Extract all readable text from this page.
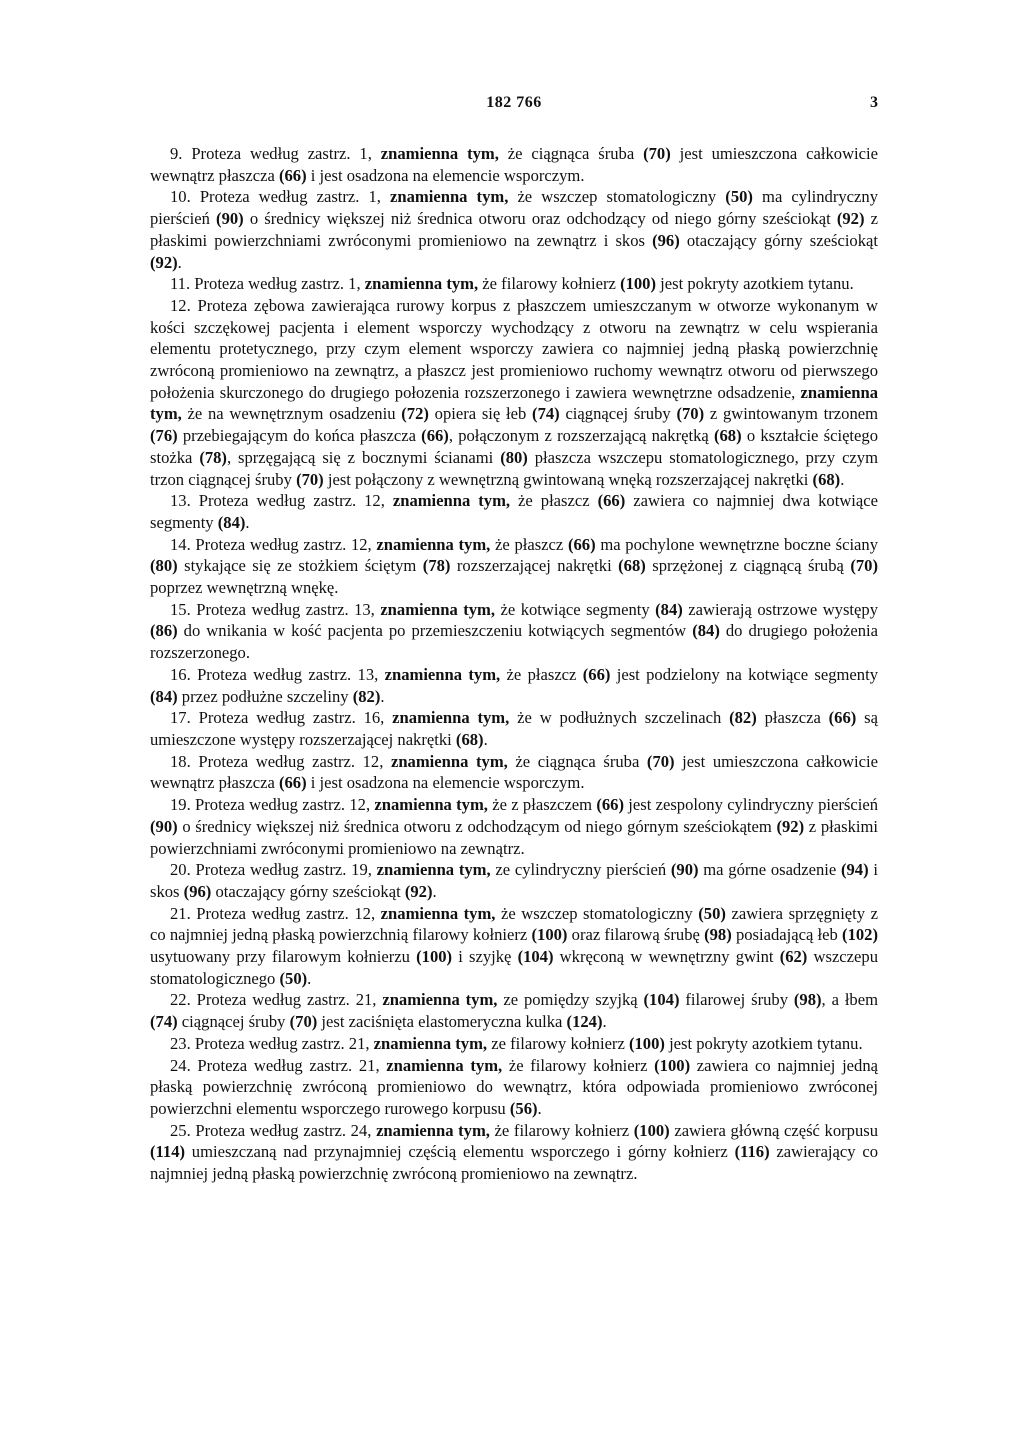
182 766	3

9. Proteza według zastrz. 1, znamienna tym, że ciągnąca śruba (70) jest umieszczona całkowicie wewnątrz płaszcza (66) i jest osadzona na elemencie wsporczym.

10. Proteza według zastrz. 1, znamienna tym, że wszczep stomatologiczny (50) ma cylindryczny pierścień (90) o średnicy większej niż średnica otworu oraz odchodzący od niego górny sześciokąt (92) z płaskimi powierzchniami zwróconymi promieniowo na zewnątrz i skos (96) otaczający górny sześciokąt (92).

11. Proteza według zastrz. 1, znamienna tym, że filarowy kołnierz (100) jest pokryty azotkiem tytanu.

12. Proteza zębowa zawierająca rurowy korpus z płaszczem umieszczanym w otworze wykonanym w kości szczękowej pacjenta i element wsporczy wychodzący z otworu na zewnątrz w celu wspierania elementu protetycznego, przy czym element wsporczy zawiera co najmniej jedną płaską powierzchnię zwróconą promieniowo na zewnątrz, a płaszcz jest promieniowo ruchomy wewnątrz otworu od pierwszego położenia skurczonego do drugiego połozenia rozszerzonego i zawiera wewnętrzne odsadzenie, znamienna tym, że na wewnętrznym osadzeniu (72) opiera się łeb (74) ciągnącej śruby (70) z gwintowanym trzonem (76) przebiegającym do końca płaszcza (66), połączonym z rozszerzającą nakrętką (68) o kształcie ściętego stożka (78), sprzęgającą się z bocznymi ścianami (80) płaszcza wszczepu stomatologicznego, przy czym trzon ciągnącej śruby (70) jest połączony z wewnętrzną gwintowaną wnęką rozszerzającej nakrętki (68).

13. Proteza według zastrz. 12, znamienna tym, że płaszcz (66) zawiera co najmniej dwa kotwiące segmenty (84).

14. Proteza według zastrz. 12, znamienna tym, że płaszcz (66) ma pochylone wewnętrzne boczne ściany (80) stykające się ze stożkiem ściętym (78) rozszerzającej nakrętki (68) sprzężonej z ciągnącą śrubą (70) poprzez wewnętrzną wnękę.

15. Proteza według zastrz. 13, znamienna tym, że kotwiące segmenty (84) zawierają ostrzowe występy (86) do wnikania w kość pacjenta po przemieszczeniu kotwiących segmentów (84) do drugiego położenia rozszerzonego.

16. Proteza według zastrz. 13, znamienna tym, że płaszcz (66) jest podzielony na kotwiące segmenty (84) przez podłużne szczeliny (82).

17. Proteza według zastrz. 16, znamienna tym, że w podłużnych szczelinach (82) płaszcza (66) są umieszczone występy rozszerzającej nakrętki (68).

18. Proteza według zastrz. 12, znamienna tym, że ciągnąca śruba (70) jest umieszczona całkowicie wewnątrz płaszcza (66) i jest osadzona na elemencie wsporczym.

19. Proteza według zastrz. 12, znamienna tym, że z płaszczem (66) jest zespolony cylindryczny pierścień (90) o średnicy większej niż średnica otworu z odchodzącym od niego górnym sześciokątem (92) z płaskimi powierzchniami zwróconymi promieniowo na zewnątrz.

20. Proteza według zastrz. 19, znamienna tym, ze cylindryczny pierścień (90) ma górne osadzenie (94) i skos (96) otaczający górny sześciokąt (92).

21. Proteza według zastrz. 12, znamienna tym, że wszczep stomatologiczny (50) zawiera sprzęgnięty z co najmniej jedną płaską powierzchnią filarowy kołnierz (100) oraz filarową śrubę (98) posiadającą łeb (102) usytuowany przy filarowym kołnierzu (100) i szyjkę (104) wkręconą w wewnętrzny gwint (62) wszczepu stomatologicznego (50).

22. Proteza według zastrz. 21, znamienna tym, ze pomiędzy szyjką (104) filarowej śruby (98), a łbem (74) ciągnącej śruby (70) jest zaciśnięta elastomeryczna kulka (124).

23. Proteza według zastrz. 21, znamienna tym, ze filarowy kołnierz (100) jest pokryty azotkiem tytanu.

24. Proteza według zastrz. 21, znamienna tym, że filarowy kołnierz (100) zawiera co najmniej jedną płaską powierzchnię zwróconą promieniowo do wewnątrz, która odpowiada promieniowo zwróconej powierzchni elementu wsporczego rurowego korpusu (56).

25. Proteza według zastrz. 24, znamienna tym, że filarowy kołnierz (100) zawiera główną część korpusu (114) umieszczaną nad przynajmniej częścią elementu wsporczego i górny kołnierz (116) zawierający co najmniej jedną płaską powierzchnię zwróconą promieniowo na zewnątrz.
